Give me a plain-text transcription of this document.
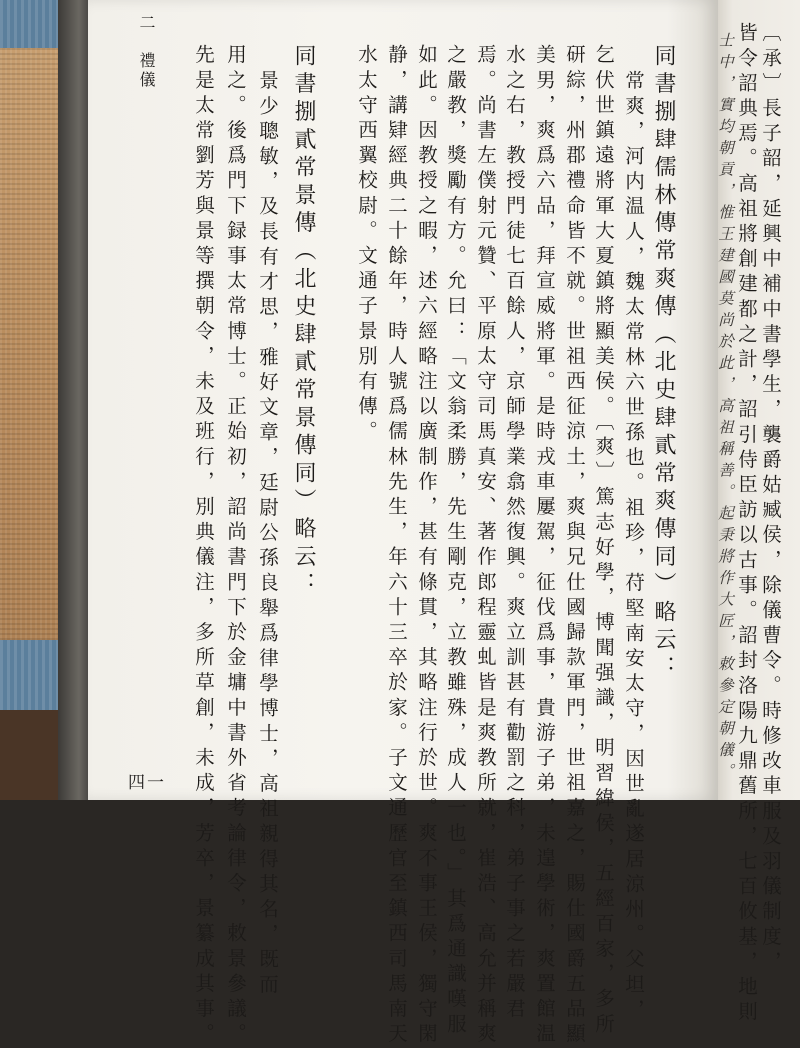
二　禮儀
四一	皆令詔典焉。高祖將創建都之計，詔引侍臣訪以古事。詔封洛陽九鼎舊所，七百攸基，地則 〔承〕長子韶，延興中補中書學生，襲爵姑臧侯，除儀曹令。時修改車服及羽儀制度，
士中，實均朝貢，惟王建國莫尚於此，高祖稱善。起秉將作大匠，敕參定朝儀。
同書捌肆儒林傳常爽傳（北史肆貳常爽傳同）略云：
常爽，河内温人，魏太常林六世孫也。祖珍，苻堅南安太守，因世亂遂居涼州。父坦，
乞伏世鎮遠將軍大夏鎮將顯美侯。〔爽〕篤志好學，博聞强識，明習緯侯，五經百家，多所
研綜，州郡禮命皆不就。世祖西征涼土，爽與兄仕國歸款軍門，世祖嘉之，賜仕國爵五品顯
美男，爽爲六品，拜宣威將軍。是時戎車屢駕，征伐爲事，貴游子弟，未遑學術，爽置館温
水之右，教授門徒七百餘人，京師學業翕然復興。爽立訓甚有勸罰之科，弟子事之若嚴君
焉。尚書左僕射元贊、平原太守司馬真安、著作郎程靈虬皆是爽教所就，崔浩、高允并稱爽
之嚴教，獎勵有方。允曰：「文翁柔勝，先生剛克，立教雖殊，成人一也。」其爲通識嘆服
如此。因教授之暇，述六經略注以廣制作，甚有條貫，其略注行於世。爽不事王侯，獨守閑
静，講肄經典二十餘年，時人號爲儒林先生，年六十三卒於家。子文通歷官至鎮西司馬南天
水太守西翼校尉。文通子景別有傳。
同書捌貳常景傳（北史肆貳常景傳同）略云：
景少聰敏，及長有才思，雅好文章，廷尉公孫良舉爲律學博士，高祖親得其名，既而
用之。後爲門下録事太常博士。正始初，詔尚書門下於金墉中書外省考論律令，敕景參議。
先是太常劉芳與景等撰朝令，未及班行，別典儀注，多所草創，未成，芳卒，景纂成其事。
